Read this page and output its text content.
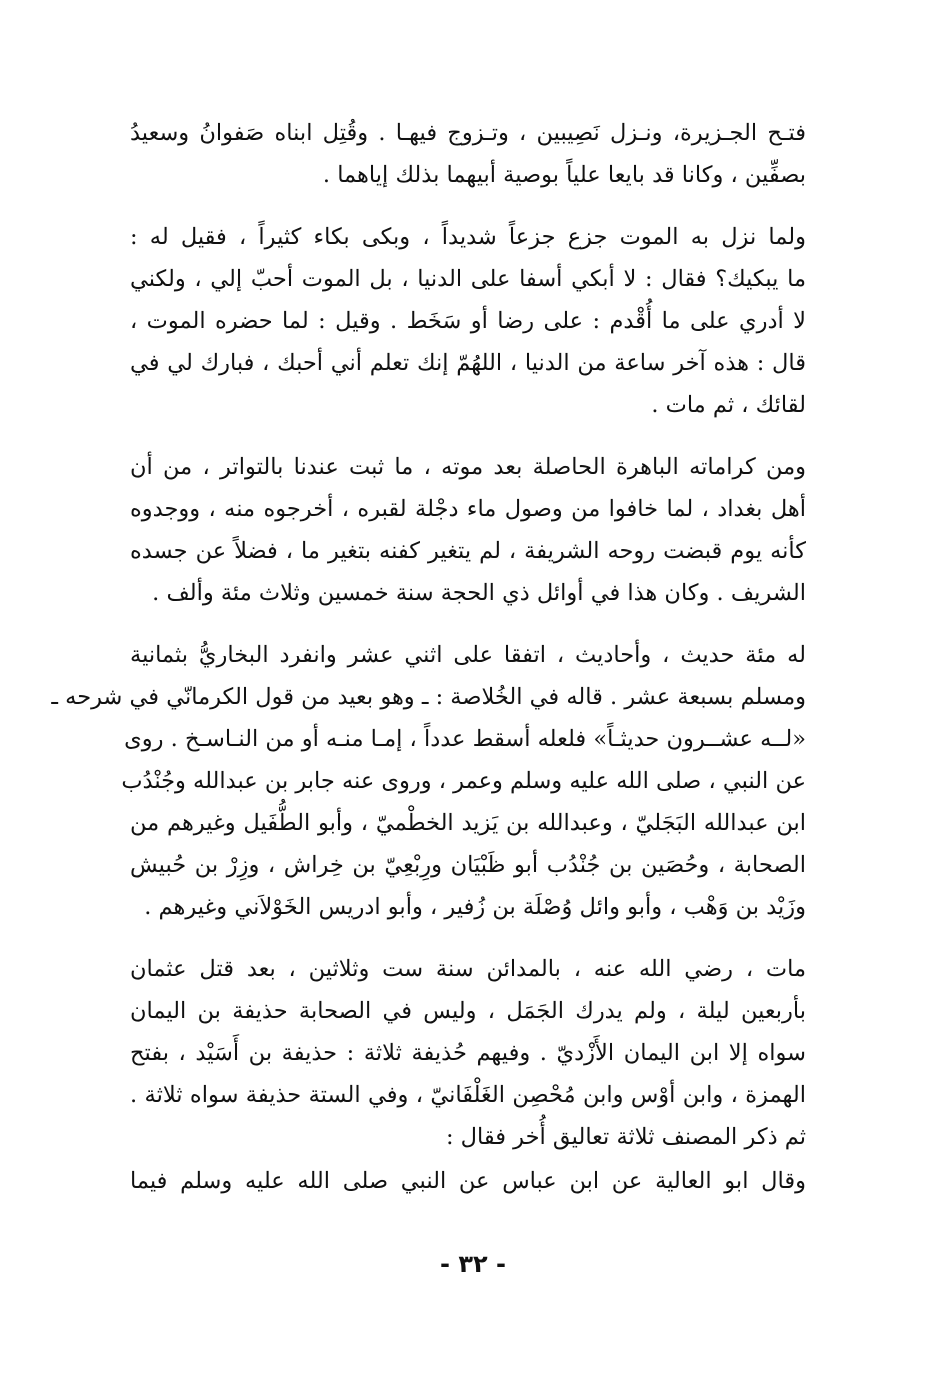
فتـح الجـزيرة، ونـزل نَصِيبين ، وتـزوج فيهـا . وقُتِل ابناه صَفوانُ وسعيدُ
بصفِّين ، وكانا قد بايعا علياً بوصية أبيهما بذلك إياهما .
ولما نزل به الموت جزع جزعاً شديداً ، وبكى بكاء كثيراً ، فقيل له :
ما يبكيك؟ فقال : لا أبكي أسفا على الدنيا ، بل الموت أحبّ إلي ، ولكني
لا أدري على ما أُقْدم : على رضا أو سَخَط . وقيل : لما حضره الموت ،
قال : هذه آخر ساعة من الدنيا ، اللهُمّ إنك تعلم أني أحبك ، فبارك لي في
لقائك ، ثم مات .
ومن كراماته الباهرة الحاصلة بعد موته ، ما ثبت عندنا بالتواتر ، من أن
أهل بغداد ، لما خافوا من وصول ماء دجْلة لقبره ، أخرجوه منه ، ووجدوه
كأنه يوم قبضت روحه الشريفة ، لم يتغير كفنه بتغير ما ، فضلاً عن جسده
الشريف . وكان هذا في أوائل ذي الحجة سنة خمسين وثلاث مئة وألف .
له مئة حديث ، وأحاديث ، اتفقا على اثني عشر وانفرد البخاريُّ بثمانية
ومسلم بسبعة عشر . قاله في الخُلاصة : ـ وهو بعيد من قول الكرمانّي في شرحه ـ
«لــه عشــرون حديثـاً» فلعله أسقط عدداً ، إمـا منـه أو من النـاسـخ . روى
عن النبي ، صلى الله عليه وسلم وعمر ، وروى عنه جابر بن عبدالله وجُنْدُب
ابن عبدالله البَجَليّ ، وعبدالله بن يَزيد الخطْميّ ، وأبو الطُّفَيل وغيرهم من
الصحابة ، وحُصَين بن جُنْدُب أبو ظَبْيَان ورِبْعِيّ بن خِراش ، وزِرْ بن حُبيش
وزَيْد بن وَهْب ، وأبو وائل وُصْلَة بن زُفير ، وأبو ادريس الخَوْلاَني وغيرهم .
مات ، رضي الله عنه ، بالمدائن سنة ست وثلاثين ، بعد قتل عثمان
بأربعين ليلة ، ولم يدرك الجَمَل ، وليس في الصحابة حذيفة بن اليمان
سواه إلا ابن اليمان الأَزْديّ . وفيهم حُذيفة ثلاثة : حذيفة بن أَسَيْد ، بفتح
الهمزة ، وابن أوْس وابن مُحْصِن الغَلْفَانيّ ، وفي الستة حذيفة سواه ثلاثة .
ثم ذكر المصنف ثلاثة تعاليق أُخر فقال :
وقال ابو العالية عن ابن عباس عن النبي صلى الله عليه وسلم فيما
- ٣٢ -
